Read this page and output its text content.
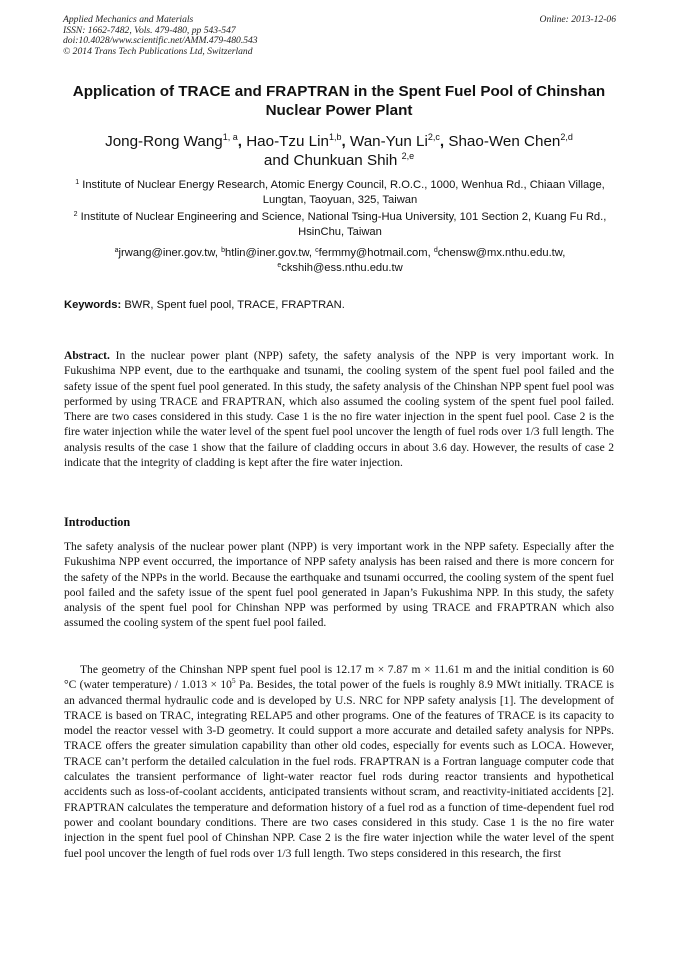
Applied Mechanics and Materials
ISSN: 1662-7482, Vols. 479-480, pp 543-547
doi:10.4028/www.scientific.net/AMM.479-480.543
© 2014 Trans Tech Publications Ltd, Switzerland
Online: 2013-12-06
Application of TRACE and FRAPTRAN in the Spent Fuel Pool of Chinshan Nuclear Power Plant
Jong-Rong Wang$^{1, a}$, Hao-Tzu Lin$^{1,b}$, Wan-Yun Li$^{2,c}$, Shao-Wen Chen$^{2,d}$
and Chunkuan Shih $^{2,e}$
$^1$ Institute of Nuclear Energy Research, Atomic Energy Council, R.O.C., 1000, Wenhua Rd., Chiaan Village, Lungtan, Taoyuan, 325, Taiwan
$^2$ Institute of Nuclear Engineering and Science, National Tsing-Hua University, 101 Section 2, Kuang Fu Rd., HsinChu, Taiwan
$^a$jrwang@iner.gov.tw, $^b$htlin@iner.gov.tw, $^c$fermmy@hotmail.com, $^d$chensw@mx.nthu.edu.tw,
$^e$ckshih@ess.nthu.edu.tw
Keywords: BWR, Spent fuel pool, TRACE, FRAPTRAN.

Abstract. In the nuclear power plant (NPP) safety, the safety analysis of the NPP is very important work. In Fukushima NPP event, due to the earthquake and tsunami, the cooling system of the spent fuel pool failed and the safety issue of the spent fuel pool generated. In this study, the safety analysis of the Chinshan NPP spent fuel pool was performed by using TRACE and FRAPTRAN, which also assumed the cooling system of the spent fuel pool failed. There are two cases considered in this study. Case 1 is the no fire water injection in the spent fuel pool. Case 2 is the fire water injection while the water level of the spent fuel pool uncover the length of fuel rods over 1/3 full length. The analysis results of the case 1 show that the failure of cladding occurs in about 3.6 day. However, the results of case 2 indicate that the integrity of cladding is kept after the fire water injection.

Introduction

The safety analysis of the nuclear power plant (NPP) is very important work in the NPP safety. Especially after the Fukushima NPP event occurred, the importance of NPP safety analysis has been raised and there is more concern for the safety of the NPPs in the world. Because the earthquake and tsunami occurred, the cooling system of the spent fuel pool failed and the safety issue of the spent fuel pool generated in Japan’s Fukushima NPP. In this study, the safety analysis of the spent fuel pool for Chinshan NPP was performed by using TRACE and FRAPTRAN which also assumed the cooling system of the spent fuel pool failed.

The geometry of the Chinshan NPP spent fuel pool is 12.17 m × 7.87 m × 11.61 m and the initial condition is 60 °C (water temperature) / $1.013 \times 10^5$ Pa. Besides, the total power of the fuels is roughly 8.9 MWt initially. TRACE is an advanced thermal hydraulic code and is developed by U.S. NRC for NPP safety analysis [1]. The development of TRACE is based on TRAC, integrating RELAP5 and other programs. One of the features of TRACE is its capacity to model the reactor vessel with 3-D geometry. It could support a more accurate and detailed safety analysis for NPPs. TRACE offers the greater simulation capability than other old codes, especially for events such as LOCA. However, TRACE can’t perform the detailed calculation in the fuel rods. FRAPTRAN is a Fortran language computer code that calculates the transient performance of light-water reactor fuel rods during reactor transients and hypothetical accidents such as loss-of-coolant accidents, anticipated transients without scram, and reactivity-initiated accidents [2]. FRAPTRAN calculates the temperature and deformation history of a fuel rod as a function of time-dependent fuel rod power and coolant boundary conditions. There are two cases considered in this study. Case 1 is the no fire water injection in the spent fuel pool of Chinshan NPP. Case 2 is the fire water injection while the water level of the spent fuel pool uncover the length of fuel rods over 1/3 full length. Two steps considered in this research, the first
